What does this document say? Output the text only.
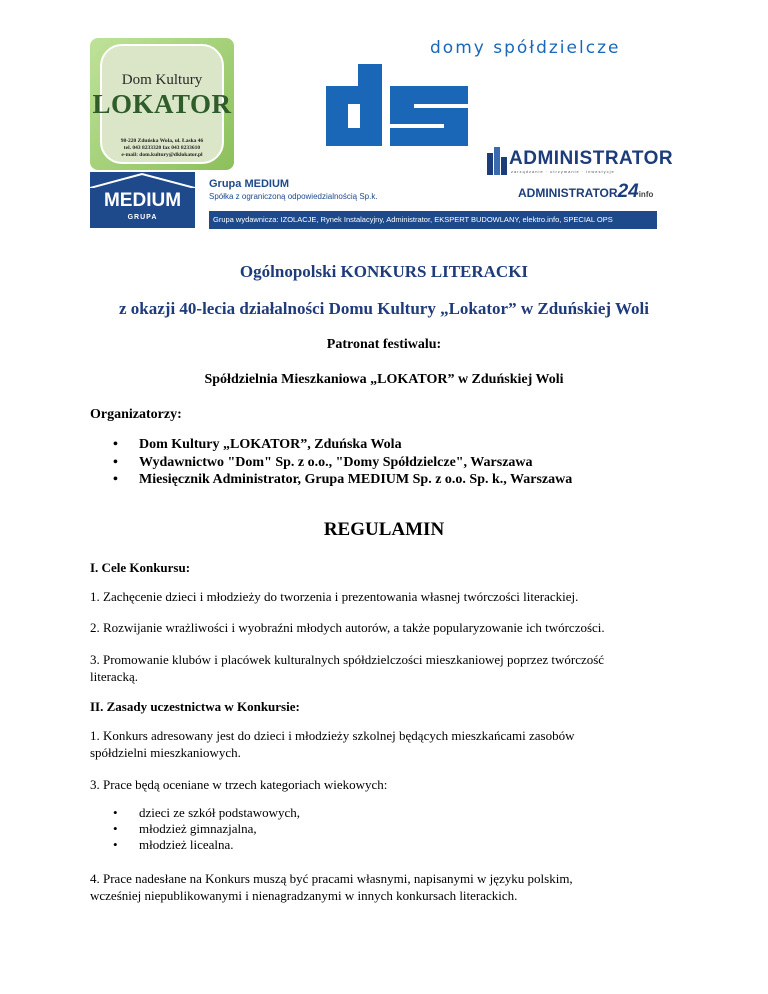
Dom Kultury
LOKATOR
98-220 Zduńska Wola, ul. Łaska 46
tel. 043 8233320 fax 043 8233610
e-mail: dom.kultury@dklokator.pl
domy spółdzielcze
ADMINISTRATOR
zarządzanie · utrzymanie · inwestycje
MEDIUM
GRUPA
Grupa MEDIUM
Spółka z ograniczoną odpowiedzialnością Sp.k.	ADMINISTRATOR24info
Grupa wydawnicza: IZOLACJE, Rynek Instalacyjny, Administrator, EKSPERT BUDOWLANY, elektro.info, SPECIAL OPS
Ogólnopolski KONKURS LITERACKI
z okazji 40-lecia działalności Domu Kultury „Lokator” w Zduńskiej Woli
Patronat festiwalu:
Spółdzielnia Mieszkaniowa „LOKATOR” w Zduńskiej Woli
Organizatorzy:
• Dom Kultury „LOKATOR”, Zduńska Wola
• Wydawnictwo "Dom" Sp. z o.o., "Domy Spółdzielcze", Warszawa
• Miesięcznik Administrator, Grupa MEDIUM Sp. z o.o. Sp. k., Warszawa
REGULAMIN
I. Cele Konkursu:
1. Zachęcenie dzieci i młodzieży do tworzenia i prezentowania własnej twórczości literackiej.
2. Rozwijanie wrażliwości i wyobraźni młodych autorów, a także popularyzowanie ich twórczości.
3. Promowanie klubów i placówek kulturalnych spółdzielczości mieszkaniowej poprzez twórczość
literacką.
II. Zasady uczestnictwa w Konkursie:
1. Konkurs adresowany jest do dzieci i młodzieży szkolnej będących mieszkańcami zasobów
spółdzielni mieszkaniowych.
3. Prace będą oceniane w trzech kategoriach wiekowych:
• dzieci ze szkół podstawowych,
• młodzież gimnazjalna,
• młodzież licealna.
4. Prace nadesłane na Konkurs muszą być pracami własnymi, napisanymi w języku polskim,
wcześniej niepublikowanymi i nienagradzanymi w innych konkursach literackich.
